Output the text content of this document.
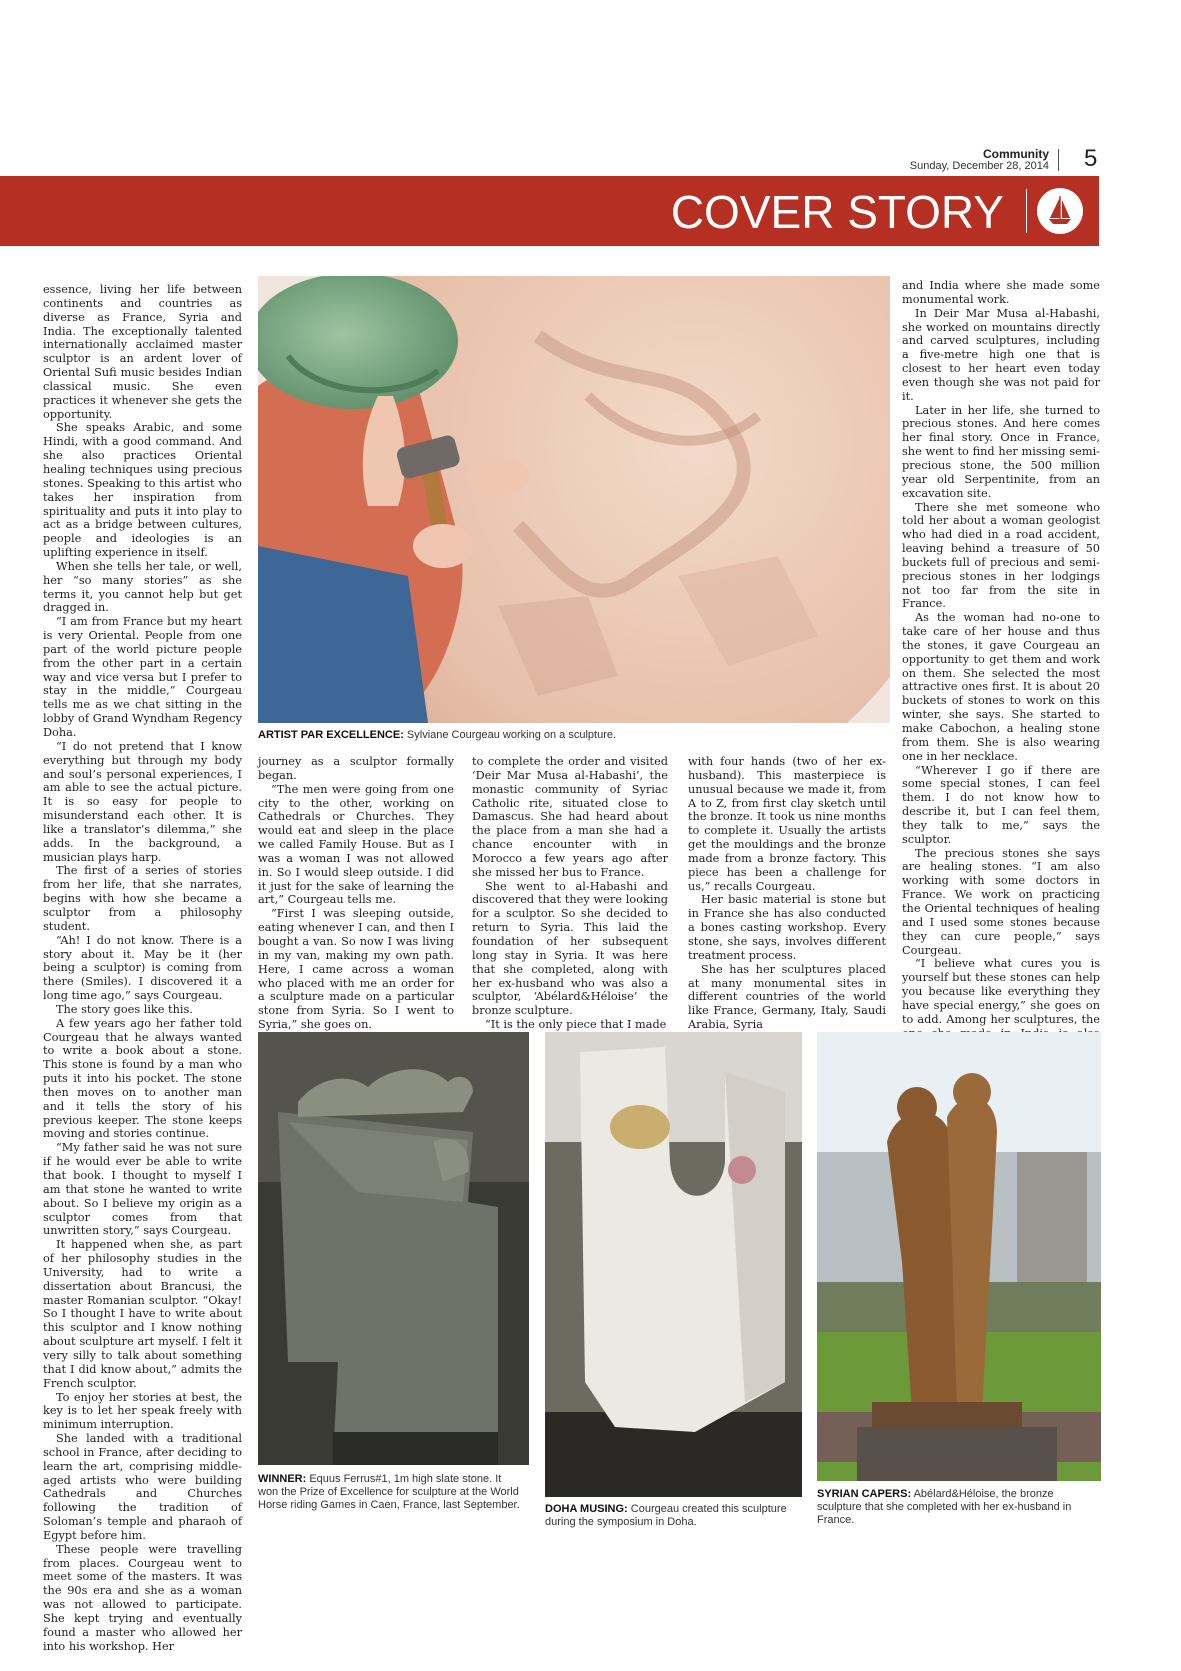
Community
Sunday, December 28, 2014 5
COVER STORY

essence, living her life between continents and countries as diverse as France, Syria and India. The exceptionally talented internationally acclaimed master sculptor is an ardent lover of Oriental Sufi music besides Indian classical music. She even practices it whenever she gets the opportunity.

She speaks Arabic, and some Hindi, with a good command. And she also practices Oriental healing techniques using precious stones. Speaking to this artist who takes her inspiration from spirituality and puts it into play to act as a bridge between cultures, people and ideologies is an uplifting experience in itself.

When she tells her tale, or well, her “so many stories” as she terms it, you cannot help but get dragged in.

“I am from France but my heart is very Oriental. People from one part of the world picture people from the other part in a certain way and vice versa but I prefer to stay in the middle,” Courgeau tells me as we chat sitting in the lobby of Grand Wyndham Regency Doha.

“I do not pretend that I know everything but through my body and soul’s personal experiences, I am able to see the actual picture. It is so easy for people to misunderstand each other. It is like a translator’s dilemma,” she adds. In the background, a musician plays harp.

The first of a series of stories from her life, that she narrates, begins with how she became a sculptor from a philosophy student.

“Ah! I do not know. There is a story about it. May be it (her being a sculptor) is coming from there (Smiles). I discovered it a long time ago,” says Courgeau.

The story goes like this.

A few years ago her father told Courgeau that he always wanted to write a book about a stone. This stone is found by a man who puts it into his pocket. The stone then moves on to another man and it tells the story of his previous keeper. The stone keeps moving and stories continue.

“My father said he was not sure if he would ever be able to write that book. I thought to myself I am that stone he wanted to write about. So I believe my origin as a sculptor comes from that unwritten story,” says Courgeau.

It happened when she, as part of her philosophy studies in the University, had to write a dissertation about Brancusi, the master Romanian sculptor. “Okay! So I thought I have to write about this sculptor and I know nothing about sculpture art myself. I felt it very silly to talk about something that I did know about,” admits the French sculptor.

To enjoy her stories at best, the key is to let her speak freely with minimum interruption.

She landed with a traditional school in France, after deciding to learn the art, comprising middle-aged artists who were building Cathedrals and Churches following the tradition of Soloman’s temple and pharaoh of Egypt before him.

These people were travelling from places. Courgeau went to meet some of the masters. It was the 90s era and she as a woman was not allowed to participate. She kept trying and eventually found a master who allowed her into his workshop. Her

ARTIST PAR EXCELLENCE: Sylviane Courgeau working on a sculpture.

journey as a sculptor formally began.

“The men were going from one city to the other, working on Cathedrals or Churches. They would eat and sleep in the place we called Family House. But as I was a woman I was not allowed in. So I would sleep outside. I did it just for the sake of learning the art,” Courgeau tells me.

“First I was sleeping outside, eating whenever I can, and then I bought a van. So now I was living in my van, making my own path. Here, I came across a woman who placed with me an order for a sculpture made on a particular stone from Syria. So I went to Syria,” she goes on.

to complete the order and visited ‘Deir Mar Musa al-Habashi’, the monastic community of Syriac Catholic rite, situated close to Damascus. She had heard about the place from a man she had a chance encounter with in Morocco a few years ago after she missed her bus to France.

She went to al-Habashi and discovered that they were looking for a sculptor. So she decided to return to Syria. This laid the foundation of her subsequent long stay in Syria. It was here that she completed, along with her ex-husband who was also a sculptor, ‘Abélard&Héloise’ the bronze sculpture.

“It is the only piece that I made

with four hands (two of her ex-husband). This masterpiece is unusual because we made it, from A to Z, from first clay sketch until the bronze. It took us nine months to complete it. Usually the artists get the mouldings and the bronze made from a bronze factory. This piece has been a challenge for us,” recalls Courgeau.

Her basic material is stone but in France she has also conducted a bones casting workshop. Every stone, she says, involves different treatment process.

She has her sculptures placed at many monumental sites in different countries of the world like France, Germany, Italy, Saudi Arabia, Syria

and India where she made some monumental work.

In Deir Mar Musa al-Habashi, she worked on mountains directly and carved sculptures, including a five-metre high one that is closest to her heart even today even though she was not paid for it.

Later in her life, she turned to precious stones. And here comes her final story. Once in France, she went to find her missing semi-precious stone, the 500 million year old Serpentinite, from an excavation site.

There she met someone who told her about a woman geologist who had died in a road accident, leaving behind a treasure of 50 buckets full of precious and semi-precious stones in her lodgings not too far from the site in France.

As the woman had no-one to take care of her house and thus the stones, it gave Courgeau an opportunity to get them and work on them. She selected the most attractive ones first. It is about 20 buckets of stones to work on this winter, she says. She started to make Cabochon, a healing stone from them. She is also wearing one in her necklace.

“Wherever I go if there are some special stones, I can feel them. I do not know how to describe it, but I can feel them, they talk to me,” says the sculptor.

The precious stones she says are healing stones. “I am also working with some doctors in France. We work on practicing the Oriental techniques of healing and I used some stones because they can cure people,” says Courgeau.

“I believe what cures you is yourself but these stones can help you because like everything they have special energy,” she goes on to add. Among her sculptures, the

WINNER: Equus Ferrus#1, 1m high slate stone. It won the Prize of Excellence for sculpture at the World Horse riding Games in Caen, France, last September. DOHA MUSING: Courgeau created this sculpture during the symposium in Doha.
SYRIAN CAPERS: Abélard&Héloise, the bronze sculpture that she completed with her ex-husband in France.
